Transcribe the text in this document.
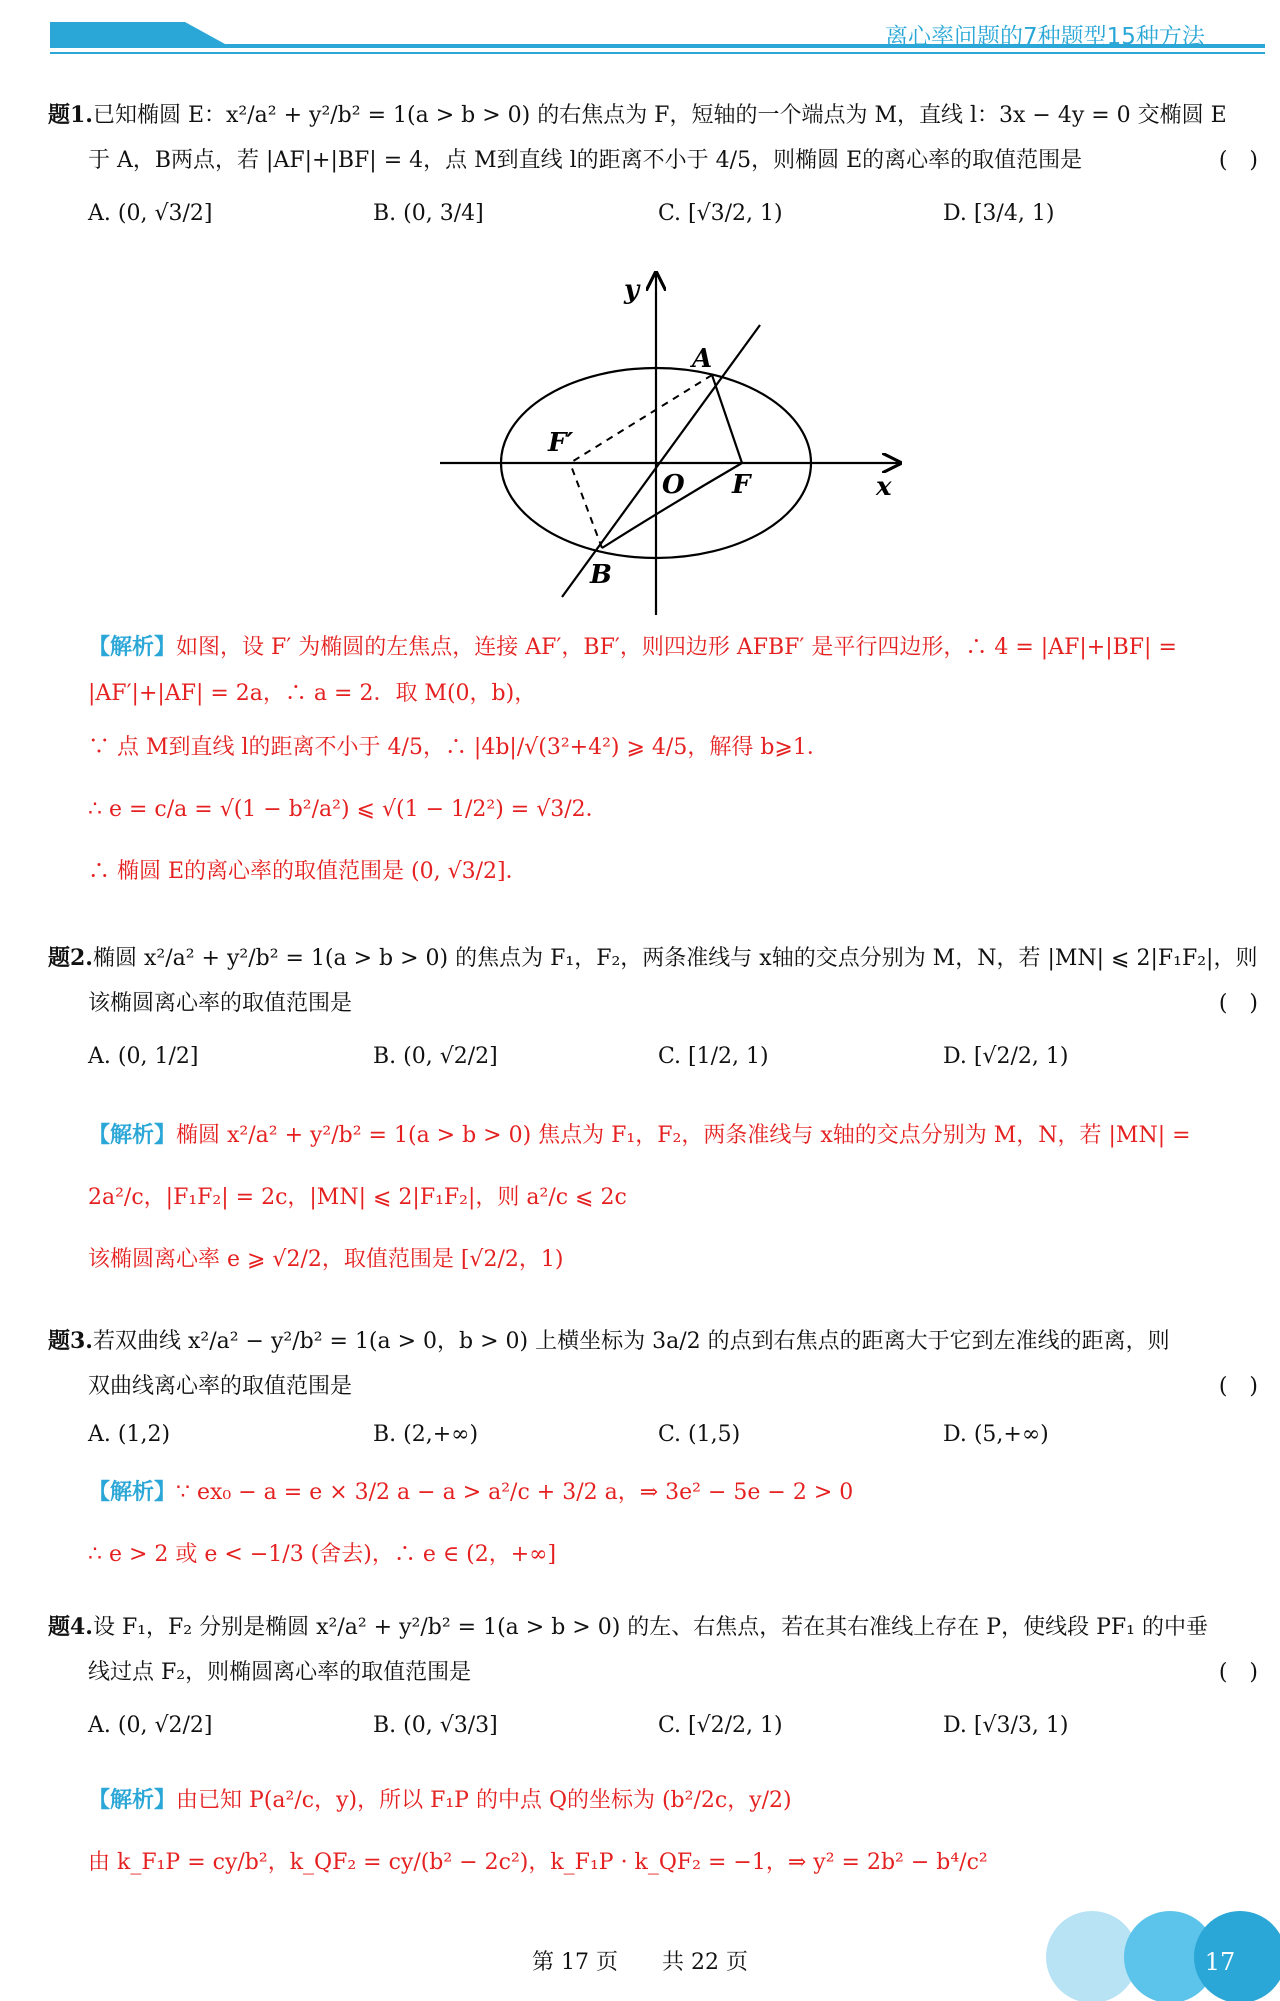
离心率问题的7种题型15种方法
题1.已知椭圆 E：x²/a² + y²/b² = 1(a > b > 0) 的右焦点为 F，短轴的一个端点为 M，直线 l：3x − 4y = 0 交椭圆 E
于 A，B两点，若 |AF|+|BF| = 4，点 M到直线 l的距离不小于 4/5，则椭圆 E的离心率的取值范围是	(　)
A. (0, √3/2]	B. (0, 3/4]	C. [√3/2, 1)	D. [3/4, 1)
y
x
A
B
O F
F′
【解析】如图，设 F′ 为椭圆的左焦点，连接 AF′，BF′，则四边形 AFBF′ 是平行四边形，∴ 4 = |AF|+|BF| =
|AF′|+|AF| = 2a，∴ a = 2．取 M(0，b)，
∵ 点 M到直线 l的距离不小于 4/5，∴ |4b|/√(3²+4²) ⩾ 4/5，解得 b⩾1．
∴ e = c/a = √(1 − b²/a²) ⩽ √(1 − 1/2²) = √3/2．
∴ 椭圆 E的离心率的取值范围是 (0, √3/2]．
题2.椭圆 x²/a² + y²/b² = 1(a > b > 0) 的焦点为 F₁，F₂，两条准线与 x轴的交点分别为 M，N，若 |MN| ⩽ 2|F₁F₂|，则
该椭圆离心率的取值范围是	(　)
A. (0, 1/2]	B. (0, √2/2]	C. [1/2, 1)	D. [√2/2, 1)
【解析】椭圆 x²/a² + y²/b² = 1(a > b > 0) 焦点为 F₁，F₂，两条准线与 x轴的交点分别为 M，N，若 |MN| =
2a²/c，|F₁F₂| = 2c，|MN| ⩽ 2|F₁F₂|，则 a²/c ⩽ 2c
该椭圆离心率 e ⩾ √2/2，取值范围是 [√2/2，1)
题3.若双曲线 x²/a² − y²/b² = 1(a > 0，b > 0) 上横坐标为 3a/2 的点到右焦点的距离大于它到左准线的距离，则
双曲线离心率的取值范围是	(　)
A. (1,2)	B. (2,+∞)	C. (1,5)	D. (5,+∞)
【解析】∵ ex₀ − a = e × 3/2 a − a > a²/c + 3/2 a，⇒ 3e² − 5e − 2 > 0
∴ e > 2 或 e < −1/3 (舍去)，∴ e ∈ (2，+∞]
题4.设 F₁，F₂ 分别是椭圆 x²/a² + y²/b² = 1(a > b > 0) 的左、右焦点，若在其右准线上存在 P，使线段 PF₁ 的中垂
线过点 F₂，则椭圆离心率的取值范围是	(　)
A. (0, √2/2]	B. (0, √3/3]	C. [√2/2, 1)	D. [√3/3, 1)
【解析】由已知 P(a²/c，y)，所以 F₁P 的中点 Q的坐标为 (b²/2c，y/2)
由 k_F₁P = cy/b²，k_QF₂ = cy/(b² − 2c²)，k_F₁P · k_QF₂ = −1，⇒ y² = 2b² − b⁴/c²
第 17 页　　共 22 页	17
